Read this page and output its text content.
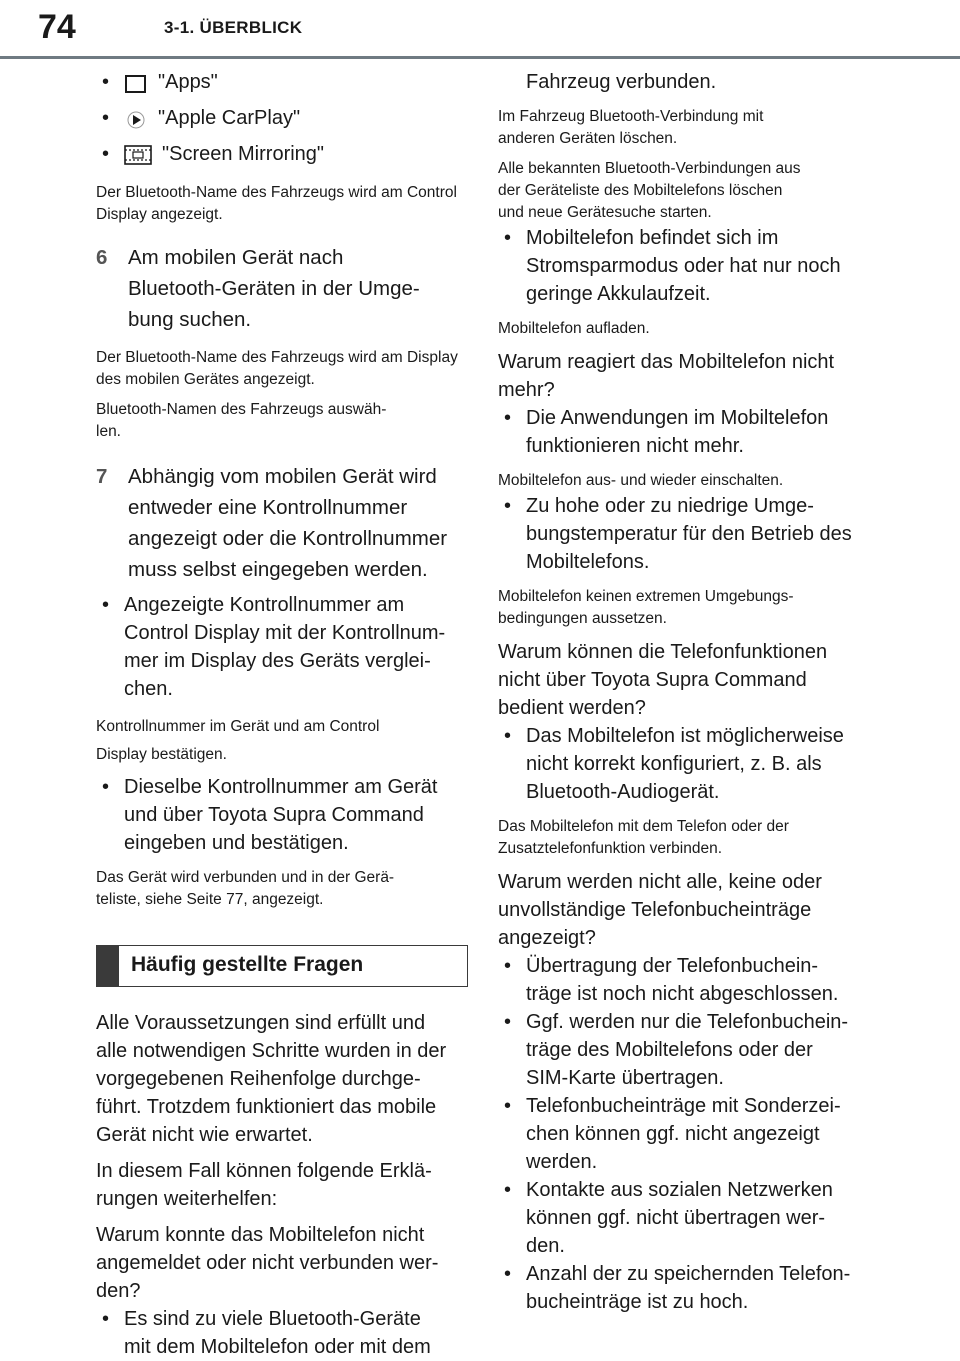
74	3-1. ÜBERBLICK
•	"Apps"
•	"Apple CarPlay"
•	"Screen Mirroring"
Der Bluetooth-Name des Fahrzeugs wird am Control Display angezeigt.
6 Am mobilen Gerät nach
Bluetooth-Geräten in der Umge-
bung suchen.
Der Bluetooth-Name des Fahrzeugs wird am Display des mobilen Gerätes angezeigt.
Bluetooth-Namen des Fahrzeugs auswäh-
len.
7 Abhängig vom mobilen Gerät wird
entweder eine Kontrollnummer
angezeigt oder die Kontrollnummer
muss selbst eingegeben werden.
• Angezeigte Kontrollnummer am
Control Display mit der Kontrollnum-
mer im Display des Geräts verglei-
chen.
Kontrollnummer im Gerät und am Control
Display bestätigen.
• Dieselbe Kontrollnummer am Gerät
und über Toyota Supra Command
eingeben und bestätigen.
Das Gerät wird verbunden und in der Gerä-
teliste, siehe Seite 77, angezeigt.
Häufig gestellte Fragen
Alle Voraussetzungen sind erfüllt und
alle notwendigen Schritte wurden in der
vorgegebenen Reihenfolge durchge-
führt. Trotzdem funktioniert das mobile
Gerät nicht wie erwartet.
In diesem Fall können folgende Erklä-
rungen weiterhelfen:
Warum konnte das Mobiltelefon nicht
angemeldet oder nicht verbunden wer-
den?
• Es sind zu viele Bluetooth-Geräte
mit dem Mobiltelefon oder mit dem
Fahrzeug verbunden.
Im Fahrzeug Bluetooth-Verbindung mit
anderen Geräten löschen.
Alle bekannten Bluetooth-Verbindungen aus
der Geräteliste des Mobiltelefons löschen
und neue Gerätesuche starten.
• Mobiltelefon befindet sich im
Stromsparmodus oder hat nur noch
geringe Akkulaufzeit.
Mobiltelefon aufladen.
Warum reagiert das Mobiltelefon nicht
mehr?
• Die Anwendungen im Mobiltelefon
funktionieren nicht mehr.
Mobiltelefon aus- und wieder einschalten.
• Zu hohe oder zu niedrige Umge-
bungstemperatur für den Betrieb des
Mobiltelefons.
Mobiltelefon keinen extremen Umgebungs-
bedingungen aussetzen.
Warum können die Telefonfunktionen
nicht über Toyota Supra Command
bedient werden?
• Das Mobiltelefon ist möglicherweise
nicht korrekt konfiguriert, z. B. als
Bluetooth-Audiogerät.
Das Mobiltelefon mit dem Telefon oder der
Zusatztelefonfunktion verbinden.
Warum werden nicht alle, keine oder
unvollständige Telefonbucheinträge
angezeigt?
• Übertragung der Telefonbuchein-
träge ist noch nicht abgeschlossen.
• Ggf. werden nur die Telefonbuchein-
träge des Mobiltelefons oder der
SIM-Karte übertragen.
• Telefonbucheinträge mit Sonderzei-
chen können ggf. nicht angezeigt
werden.
• Kontakte aus sozialen Netzwerken
können ggf. nicht übertragen wer-
den.
• Anzahl der zu speichernden Telefon-
bucheinträge ist zu hoch.
